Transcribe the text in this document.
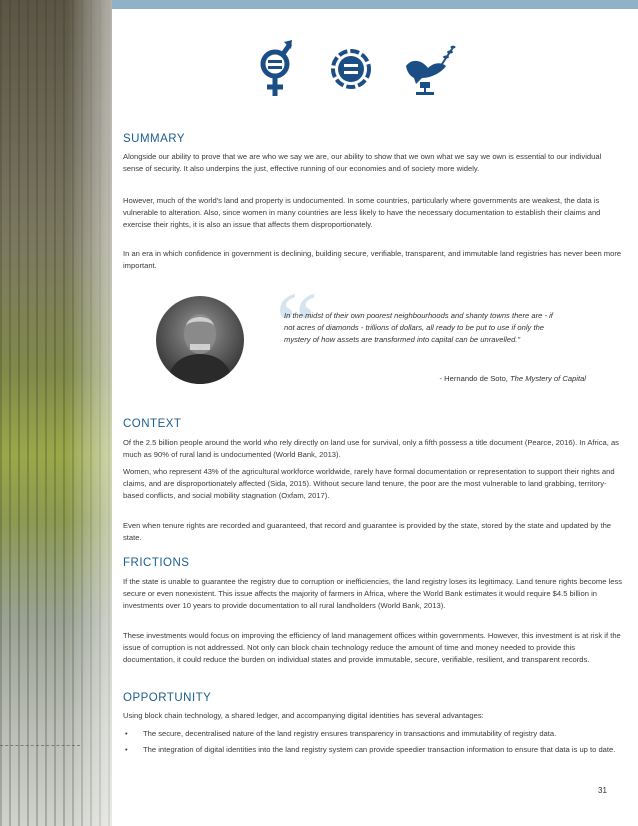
SUMMARY

Alongside our ability to prove that we are who we say we are, our ability to show that we own what we say we own is essential to our individual sense of security. It also underpins the just, effective running of our economies and of society more widely.

However, much of the world's land and property is undocumented. In some countries, particularly where governments are weakest, the data is vulnerable to alteration. Also, since women in many countries are less likely to have the necessary documentation to establish their claims and exercise their rights, it is also an issue that affects them disproportionately.

In an era in which confidence in government is declining, building secure, verifiable, transparent, and immutable land registries has never been more important.

“

In the midst of their own poorest neighbourhoods and shanty towns there are - if not acres of diamonds - trillions of dollars, all ready to be put to use if only the mystery of how assets are transformed into capital can be unravelled."

- Hernando de Soto, The Mystery of Capital

CONTEXT

Of the 2.5 billion people around the world who rely directly on land use for survival, only a fifth possess a title document (Pearce, 2016). In Africa, as much as 90% of rural land is undocumented (World Bank, 2013).

Women, who represent 43% of the agricultural workforce worldwide, rarely have formal documentation or representation to support their rights and claims, and are disproportionately affected (Sida, 2015). Without secure land tenure, the poor are the most vulnerable to land grabbing, territory-based conflicts, and social mobility stagnation (Oxfam, 2017).

Even when tenure rights are recorded and guaranteed, that record and guarantee is provided by the state, stored by the state and updated by the state.

FRICTIONS

If the state is unable to guarantee the registry due to corruption or inefficiencies, the land registry loses its legitimacy. Land tenure rights become less secure or even nonexistent. This issue affects the majority of farmers in Africa, where the World Bank estimates it would require $4.5 billion in investments over 10 years to provide documentation to all rural landholders (World Bank, 2013).

These investments would focus on improving the efficiency of land management offices within governments. However, this investment is at risk if the issue of corruption is not addressed. Not only can block chain technology reduce the amount of time and money needed to provide this documentation, it could reduce the burden on individual states and provide immutable, secure, verifiable, resilient, and transparent records.

OPPORTUNITY

Using block chain technology, a shared ledger, and accompanying digital identities has several advantages:

• The secure, decentralised nature of the land registry ensures transparency in transactions and immutability of registry data.

• The integration of digital identities into the land registry system can provide speedier transaction information to ensure that data is up to date.

31
